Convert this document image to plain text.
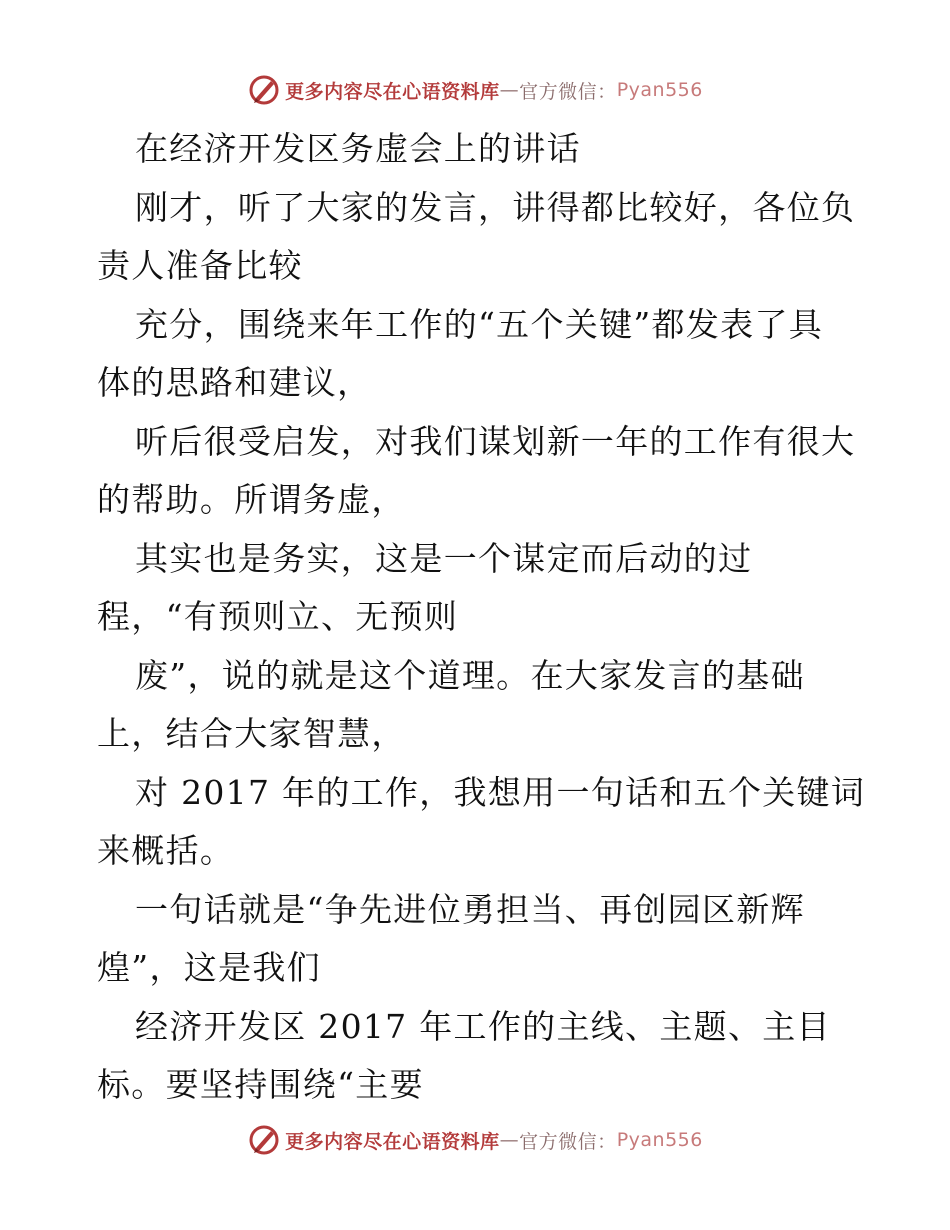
更多内容尽在心语资料库 — 官方微信： Pyan556
在经济开发区务虚会上的讲话
刚才，听了大家的发言，讲得都比较好，各位负
责人准备比较
充分，围绕来年工作的“五个关键”都发表了具
体的思路和建议，
听后很受启发，对我们谋划新一年的工作有很大
的帮助。所谓务虚，
其实也是务实，这是一个谋定而后动的过
程，“有预则立、无预则
废”，说的就是这个道理。在大家发言的基础
上，结合大家智慧，
对 2017 年的工作，我想用一句话和五个关键词
来概括。
一句话就是“争先进位勇担当、再创园区新辉
煌”，这是我们
经济开发区 2017 年工作的主线、主题、主目
标。要坚持围绕“主要
更多内容尽在心语资料库 — 官方微信： Pyan556
